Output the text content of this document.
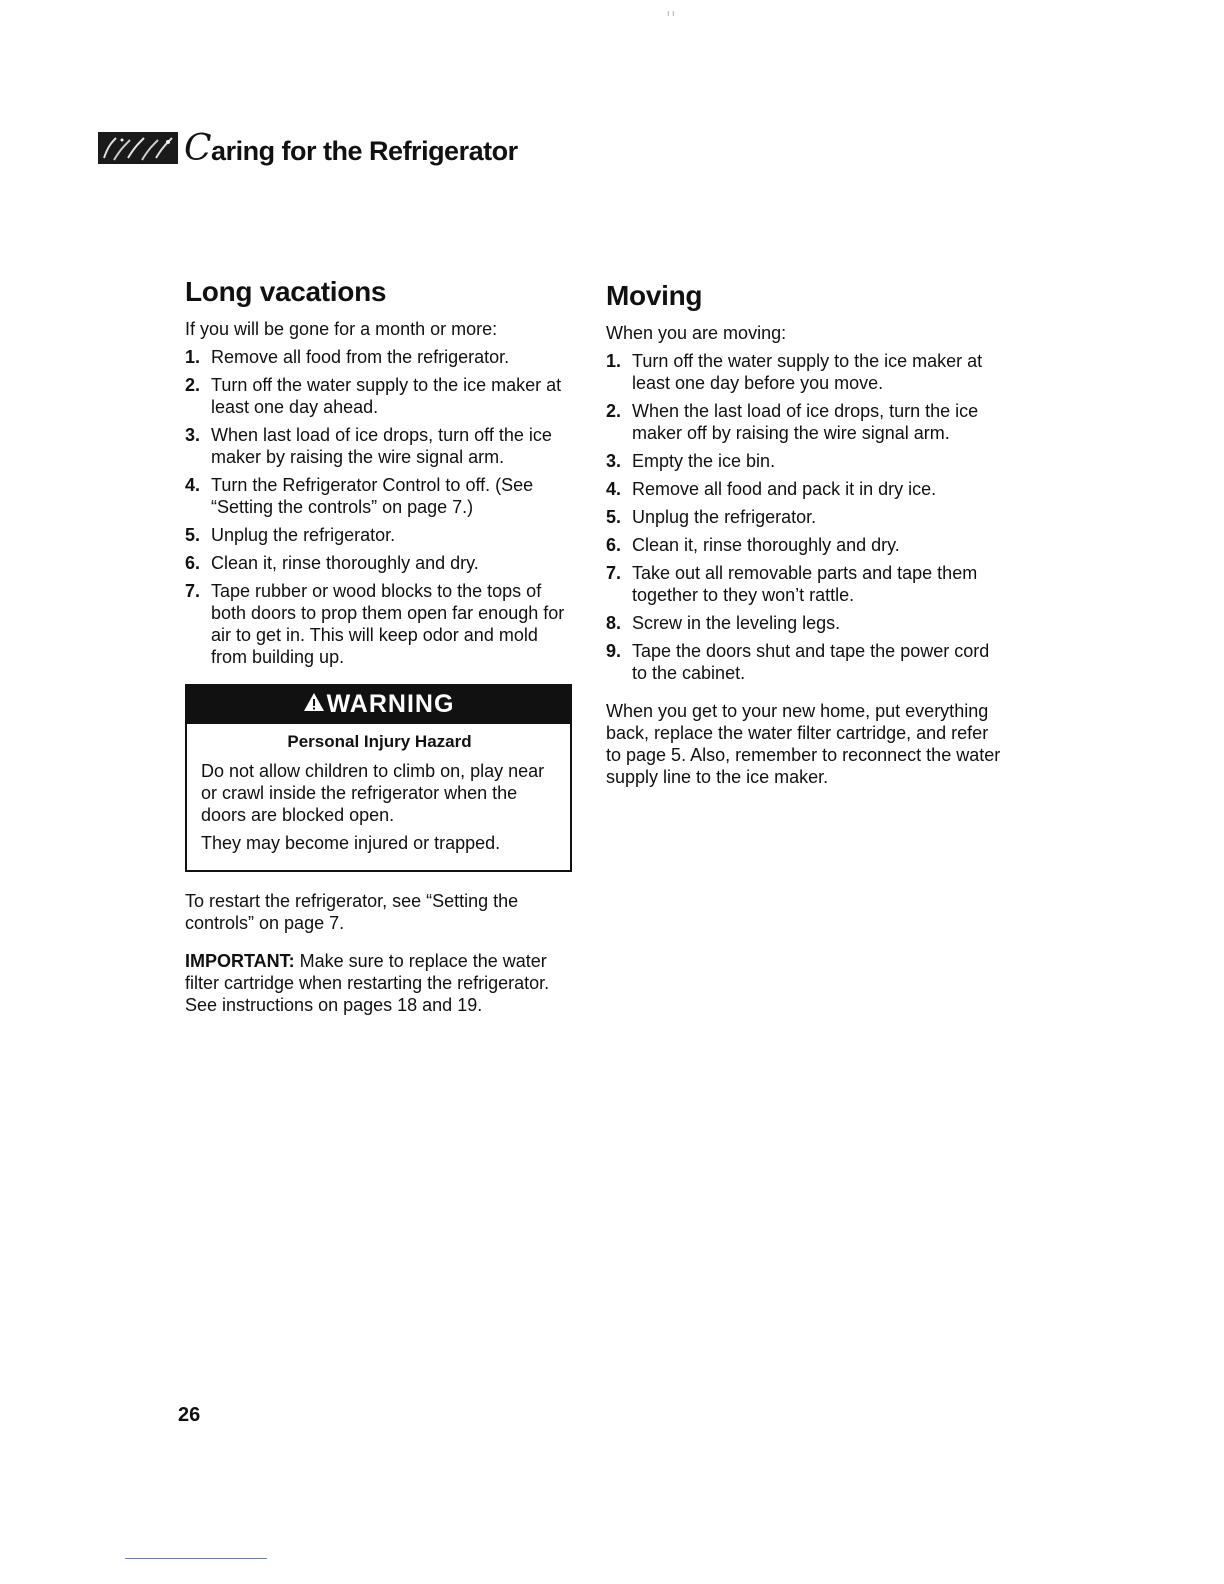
ı ı
Caring for the Refrigerator
Long vacations

If you will be gone for a month or more:

1. Remove all food from the refrigerator.
2. Turn off the water supply to the ice maker at least one day ahead.
3. When last load of ice drops, turn off the ice maker by raising the wire signal arm.
4. Turn the Refrigerator Control to off. (See “Setting the controls” on page 7.)
5. Unplug the refrigerator.
6. Clean it, rinse thoroughly and dry.
7. Tape rubber or wood blocks to the tops of both doors to prop them open far enough for air to get in. This will keep odor and mold from building up.
WARNING

Personal Injury Hazard

Do not allow children to climb on, play near or crawl inside the refrigerator when the doors are blocked open.

They may become injured or trapped.

To restart the refrigerator, see “Setting the controls” on page 7.

IMPORTANT: Make sure to replace the water filter cartridge when restarting the refrigerator. See instructions on pages 18 and 19.

Moving

When you are moving:

1. Turn off the water supply to the ice maker at least one day before you move.
2. When the last load of ice drops, turn the ice maker off by raising the wire signal arm.
3. Empty the ice bin.
4. Remove all food and pack it in dry ice.
5. Unplug the refrigerator.
6. Clean it, rinse thoroughly and dry.
7. Take out all removable parts and tape them together to they won’t rattle.
8. Screw in the leveling legs.
9. Tape the doors shut and tape the power cord to the cabinet.

When you get to your new home, put everything back, replace the water filter cartridge, and refer to page 5. Also, remember to reconnect the water supply line to the ice maker.

26
